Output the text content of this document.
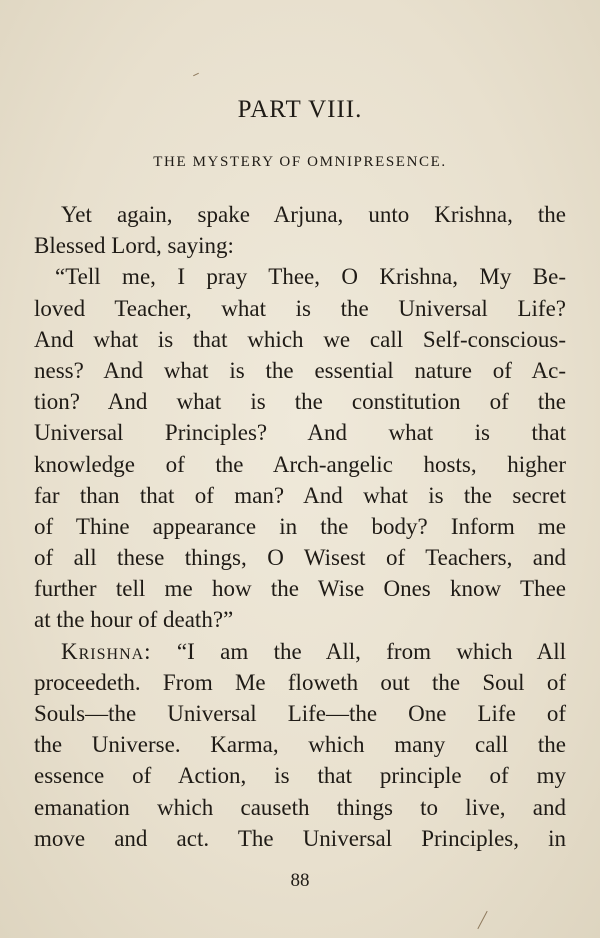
PART VIII.
THE MYSTERY OF OMNIPRESENCE.
Yet again, spake Arjuna, unto Krishna, the
Blessed Lord, saying:
“Tell me, I pray Thee, O Krishna, My Be-
loved Teacher, what is the Universal Life?
And what is that which we call Self-conscious-
ness? And what is the essential nature of Ac-
tion? And what is the constitution of the
Universal Principles? And what is that
knowledge of the Arch-angelic hosts, higher
far than that of man? And what is the secret
of Thine appearance in the body? Inform me
of all these things, O Wisest of Teachers, and
further tell me how the Wise Ones know Thee
at the hour of death?”
Krishna: “I am the All, from which All
proceedeth. From Me floweth out the Soul of
Souls—the Universal Life—the One Life of
the Universe. Karma, which many call the
essence of Action, is that principle of my
emanation which causeth things to live, and
move and act. The Universal Principles, in
88
